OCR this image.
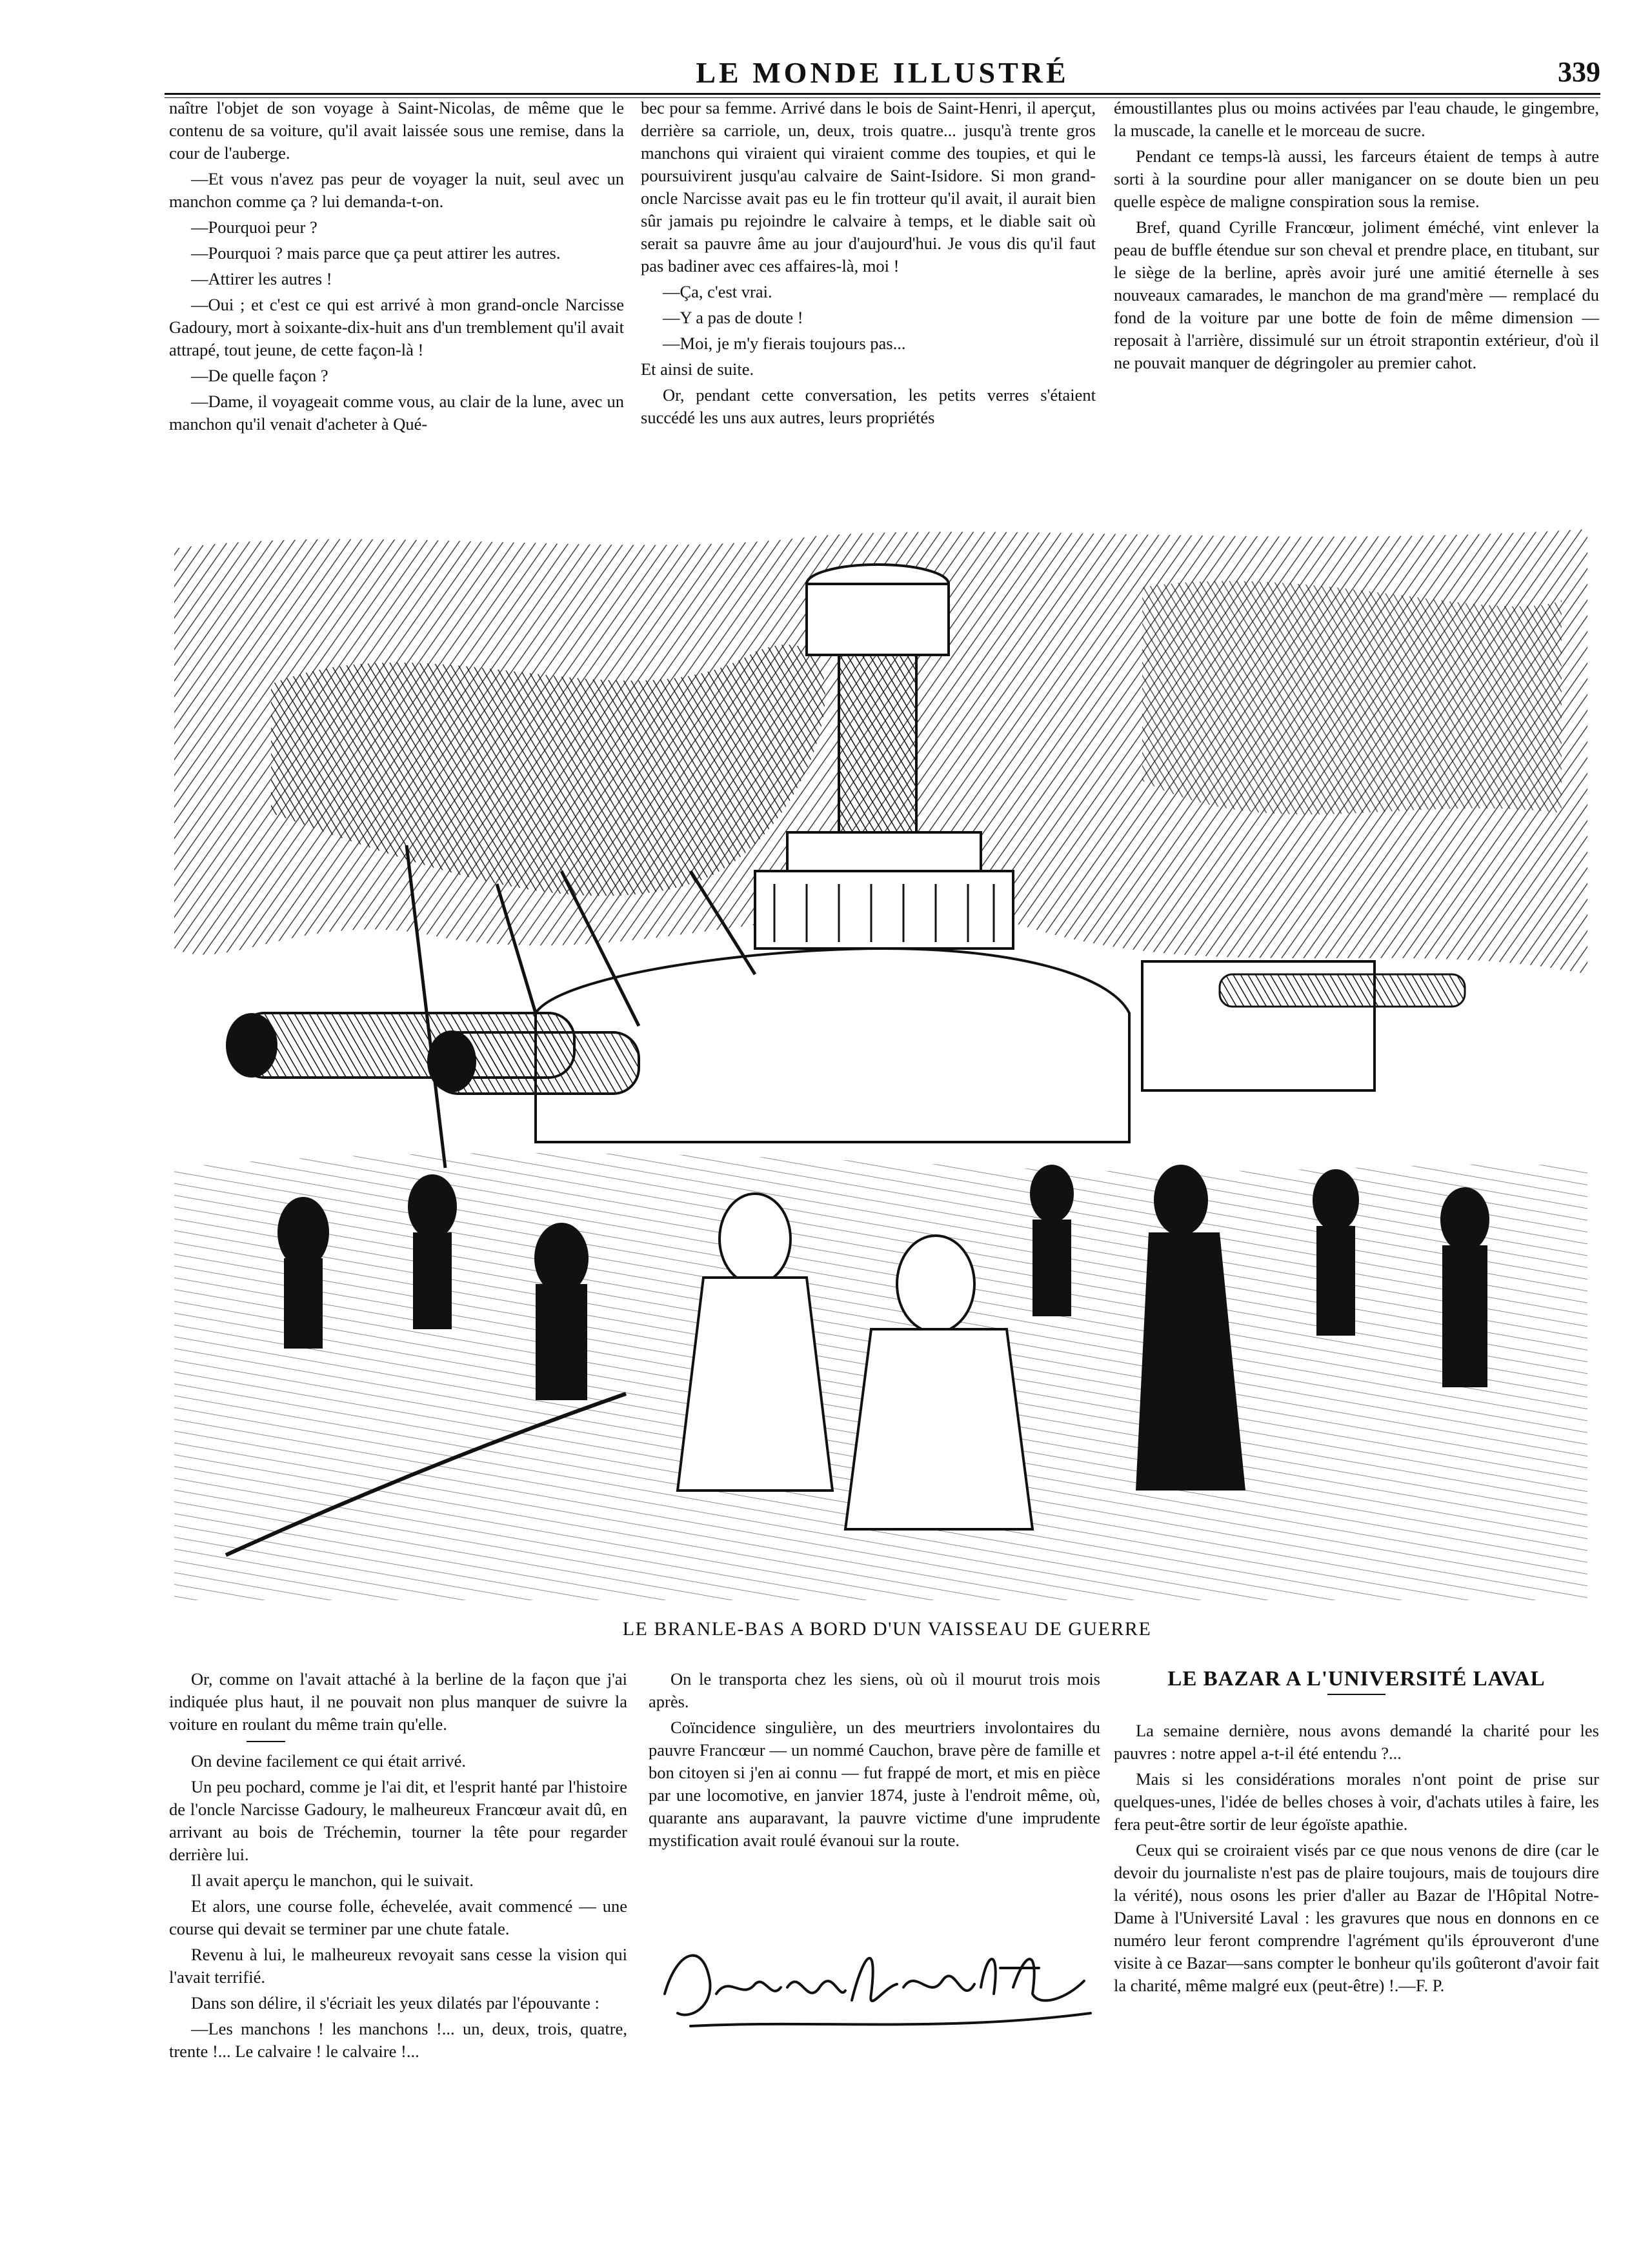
LE MONDE ILLUSTRÉ	339

naître l'objet de son voyage à Saint-Nicolas, de même que le contenu de sa voiture, qu'il avait laissée sous une remise, dans la cour de l'auberge.

—Et vous n'avez pas peur de voyager la nuit, seul avec un manchon comme ça ? lui demanda-t-on.

—Pourquoi peur ?

—Pourquoi ? mais parce que ça peut attirer les autres.

—Attirer les autres !

—Oui ; et c'est ce qui est arrivé à mon grand-oncle Narcisse Gadoury, mort à soixante-dix-huit ans d'un tremblement qu'il avait attrapé, tout jeune, de cette façon-là !

—De quelle façon ?

—Dame, il voyageait comme vous, au clair de la lune, avec un manchon qu'il venait d'acheter à Qué-

bec pour sa femme. Arrivé dans le bois de Saint-Henri, il aperçut, derrière sa carriole, un, deux, trois quatre... jusqu'à trente gros manchons qui viraient qui viraient comme des toupies, et qui le poursuivirent jusqu'au calvaire de Saint-Isidore. Si mon grand-oncle Narcisse avait pas eu le fin trotteur qu'il avait, il aurait bien sûr jamais pu rejoindre le calvaire à temps, et le diable sait où serait sa pauvre âme au jour d'aujourd'hui. Je vous dis qu'il faut pas badiner avec ces affaires-là, moi !

—Ça, c'est vrai.

—Y a pas de doute !

—Moi, je m'y fierais toujours pas...

Et ainsi de suite.

Or, pendant cette conversation, les petits verres s'étaient succédé les uns aux autres, leurs propriétés

émoustillantes plus ou moins activées par l'eau chaude, le gingembre, la muscade, la canelle et le morceau de sucre.

Pendant ce temps-là aussi, les farceurs étaient de temps à autre sorti à la sourdine pour aller manigancer on se doute bien un peu quelle espèce de maligne conspiration sous la remise.

Bref, quand Cyrille Francœur, joliment éméché, vint enlever la peau de buffle étendue sur son cheval et prendre place, en titubant, sur le siège de la berline, après avoir juré une amitié éternelle à ses nouveaux camarades, le manchon de ma grand'mère — remplacé du fond de la voiture par une botte de foin de même dimension — reposait à l'arrière, dissimulé sur un étroit strapontin extérieur, d'où il ne pouvait manquer de dégringoler au premier cahot.

LE BRANLE-BAS A BORD D'UN VAISSEAU DE GUERRE

Or, comme on l'avait attaché à la berline de la façon que j'ai indiquée plus haut, il ne pouvait non plus manquer de suivre la voiture en roulant du même train qu'elle.

On devine facilement ce qui était arrivé.

Un peu pochard, comme je l'ai dit, et l'esprit hanté par l'histoire de l'oncle Narcisse Gadoury, le malheureux Francœur avait dû, en arrivant au bois de Tréchemin, tourner la tête pour regarder derrière lui.

Il avait aperçu le manchon, qui le suivait.

Et alors, une course folle, échevelée, avait commencé — une course qui devait se terminer par une chute fatale.

Revenu à lui, le malheureux revoyait sans cesse la vision qui l'avait terrifié.

Dans son délire, il s'écriait les yeux dilatés par l'épouvante :

—Les manchons ! les manchons !... un, deux, trois, quatre, trente !... Le calvaire ! le calvaire !...

On le transporta chez les siens, où où il mourut trois mois après.

Coïncidence singulière, un des meurtriers involontaires du pauvre Francœur — un nommé Cauchon, brave père de famille et bon citoyen si j'en ai connu — fut frappé de mort, et mis en pièce par une locomotive, en janvier 1874, juste à l'endroit même, où, quarante ans auparavant, la pauvre victime d'une imprudente mystification avait roulé évanoui sur la route.

LE BAZAR A L'UNIVERSITÉ LAVAL

La semaine dernière, nous avons demandé la charité pour les pauvres : notre appel a-t-il été entendu ?...

Mais si les considérations morales n'ont point de prise sur quelques-unes, l'idée de belles choses à voir, d'achats utiles à faire, les fera peut-être sortir de leur égoïste apathie.

Ceux qui se croiraient visés par ce que nous venons de dire (car le devoir du journaliste n'est pas de plaire toujours, mais de toujours dire la vérité), nous osons les prier d'aller au Bazar de l'Hôpital Notre-Dame à l'Université Laval : les gravures que nous en donnons en ce numéro leur feront comprendre l'agrément qu'ils éprouveront d'une visite à ce Bazar—sans compter le bonheur qu'ils goûteront d'avoir fait la charité, même malgré eux (peut-être) !.—F. P.
